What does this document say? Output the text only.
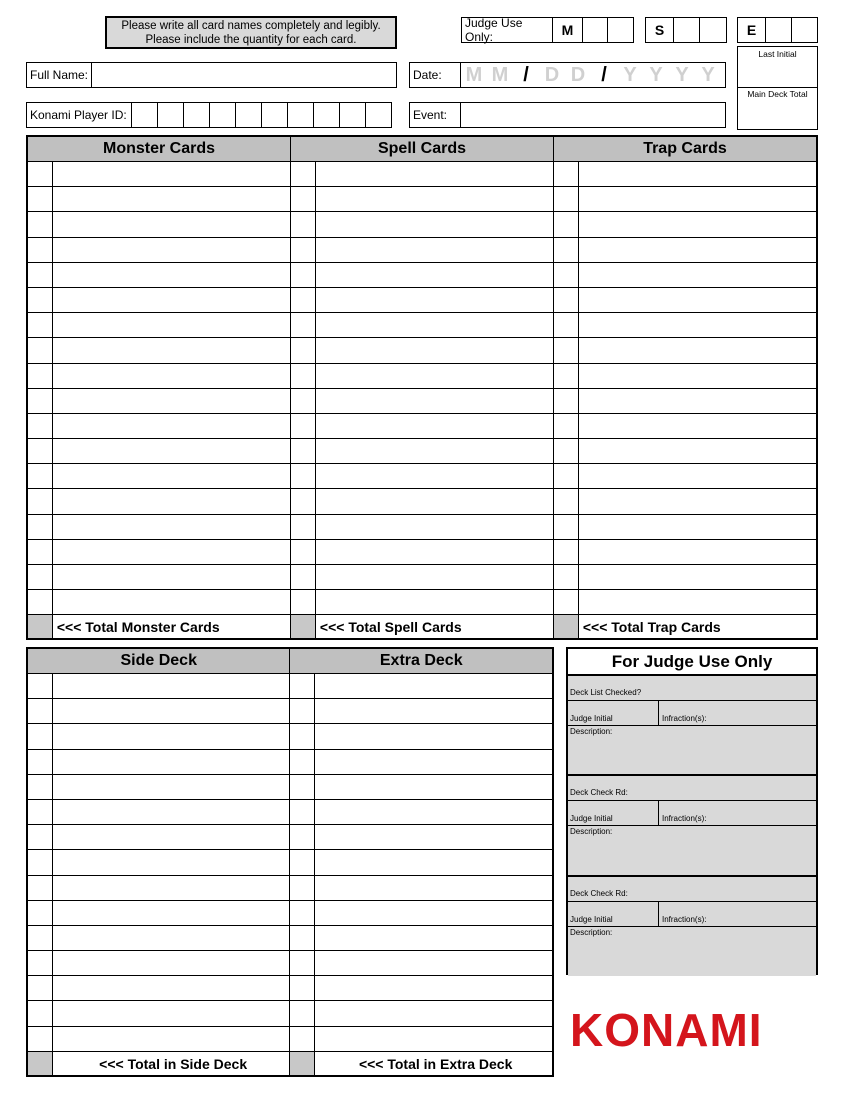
Please write all card names completely and legibly.
Please include the quantity for each card.
Judge Use Only:	M	S	E
Last Initial
Main Deck Total
Full Name:	Date:	M M / D D / Y Y Y Y
Konami Player ID:	Event:
Monster Cards		Spell Cards		Trap Cards	

	<<< Total Monster Cards		<<< Total Spell Cards		<<< Total Trap Cards
Side Deck		Extra Deck	

	<<< Total in Side Deck		<<< Total in Extra Deck
For Judge Use Only
Deck List Checked?
Judge Initial	Infraction(s):
Description:
Deck Check Rd:
Judge Initial	Infraction(s):
Description:
Deck Check Rd:
Judge Initial	Infraction(s):
Description:
KONAMI
